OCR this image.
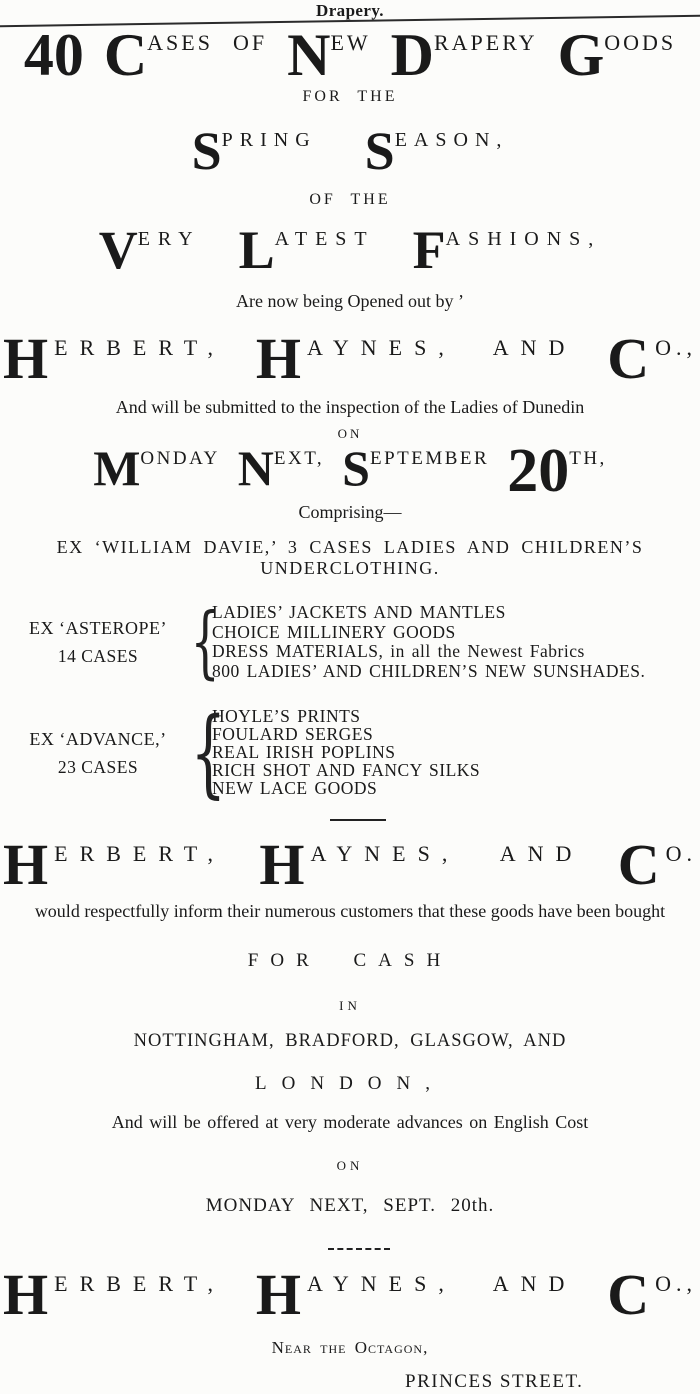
Drapery.
40 C ASES OF N EW D RAPERY G OODS
FOR THE
S PRING S EASON,
OF THE
V ERY L ATEST F ASHIONS,
Are now being Opened out by ’
H ERBERT, H AYNES, AND C O.,
And will be submitted to the inspection of the Ladies of Dunedin
ON
M ONDAY N EXT, S EPTEMBER 20 TH,
Comprising—
EX ‘WILLIAM DAVIE,’ 3 CASES LADIES AND CHILDREN’S
UNDERCLOTHING.
EX ‘ASTEROPE’
14 CASES {
LADIES’ JACKETS AND MANTLES
CHOICE MILLINERY GOODS
DRESS MATERIALS, in all the Newest Fabrics
800 LADIES’ AND CHILDREN’S NEW SUNSHADES.
EX ‘ADVANCE,’
23 CASES {
HOYLE’S PRINTS
FOULARD SERGES
REAL IRISH POPLINS
RICH SHOT AND FANCY SILKS
NEW LACE GOODS
H ERBERT, H AYNES, AND C O.
would respectfully inform their numerous customers that these goods have been bought
FOR CASH
IN
NOTTINGHAM, BRADFORD, GLASGOW, AND
LONDON,
And will be offered at very moderate advances on English Cost
ON
MONDAY NEXT, SEPT. 20th.
H ERBERT, H AYNES, AND C O.,
Near the Octagon,
PRINCES STREET.
